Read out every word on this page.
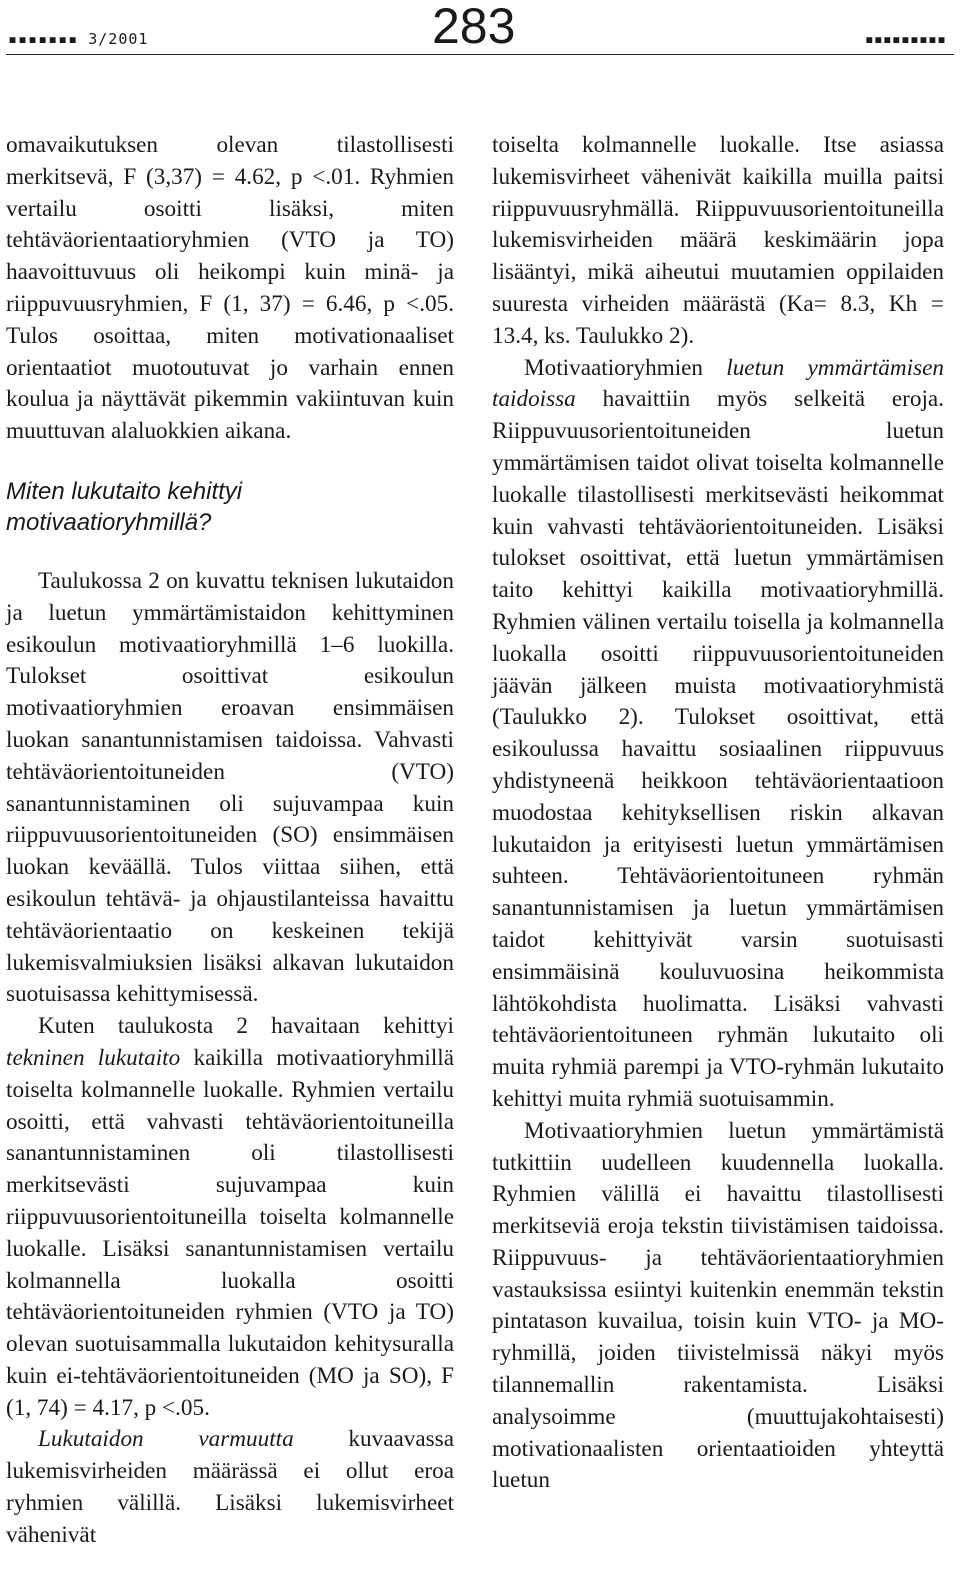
▪▪▪▪▪▪▪ 3/2001	283	▪▪▪▪▪▪▪▪▪

omavaikutuksen olevan tilastollisesti merkitsevä, F (3,37) = 4.62, p <.01. Ryhmien vertailu osoitti lisäksi, miten tehtäväorientaatioryhmien (VTO ja TO) haavoittuvuus oli heikompi kuin minä- ja riippuvuusryhmien, F (1, 37) = 6.46, p <.05. Tulos osoittaa, miten motivationaaliset orientaatiot muotoutuvat jo varhain ennen koulua ja näyttävät pikemmin vakiintuvan kuin muuttuvan alaluokkien aikana.

Miten lukutaito kehittyi motivaatioryhmillä?

Taulukossa 2 on kuvattu teknisen lukutaidon ja luetun ymmärtämistaidon kehittyminen esikoulun motivaatioryhmillä 1–6 luokilla. Tulokset osoittivat esikoulun motivaatioryhmien eroavan ensimmäisen luokan sanantunnistamisen taidoissa. Vahvasti tehtäväorientoituneiden (VTO) sanantunnistaminen oli sujuvampaa kuin riippuvuusorientoituneiden (SO) ensimmäisen luokan keväällä. Tulos viittaa siihen, että esikoulun tehtävä- ja ohjaustilanteissa havaittu tehtäväorientaatio on keskeinen tekijä lukemisvalmiuksien lisäksi alkavan lukutaidon suotuisassa kehittymisessä.

Kuten taulukosta 2 havaitaan kehittyi tekninen lukutaito kaikilla motivaatioryhmillä toiselta kolmannelle luokalle. Ryhmien vertailu osoitti, että vahvasti tehtäväorientoituneilla sanantunnistaminen oli tilastollisesti merkitsevästi sujuvampaa kuin riippuvuusorientoituneilla toiselta kolmannelle luokalle. Lisäksi sanantunnistamisen vertailu kolmannella luokalla osoitti tehtäväorientoituneiden ryhmien (VTO ja TO) olevan suotuisammalla lukutaidon kehitysuralla kuin ei-tehtäväorientoituneiden (MO ja SO), F (1, 74) = 4.17, p <.05.

Lukutaidon varmuutta kuvaavassa lukemisvirheiden määrässä ei ollut eroa ryhmien välillä. Lisäksi lukemisvirheet vähenivät

toiselta kolmannelle luokalle. Itse asiassa lukemisvirheet vähenivät kaikilla muilla paitsi riippuvuusryhmällä. Riippuvuusorientoituneilla lukemisvirheiden määrä keskimäärin jopa lisääntyi, mikä aiheutui muutamien oppilaiden suuresta virheiden määrästä (Ka= 8.3, Kh = 13.4, ks. Taulukko 2).

Motivaatioryhmien luetun ymmärtämisen taidoissa havaittiin myös selkeitä eroja. Riippuvuusorientoituneiden luetun ymmärtämisen taidot olivat toiselta kolmannelle luokalle tilastollisesti merkitsevästi heikommat kuin vahvasti tehtäväorientoituneiden. Lisäksi tulokset osoittivat, että luetun ymmärtämisen taito kehittyi kaikilla motivaatioryhmillä. Ryhmien välinen vertailu toisella ja kolmannella luokalla osoitti riippuvuusorientoituneiden jäävän jälkeen muista motivaatioryhmistä (Taulukko 2). Tulokset osoittivat, että esikoulussa havaittu sosiaalinen riippuvuus yhdistyneenä heikkoon tehtäväorientaatioon muodostaa kehityksellisen riskin alkavan lukutaidon ja erityisesti luetun ymmärtämisen suhteen. Tehtäväorientoituneen ryhmän sanantunnistamisen ja luetun ymmärtämisen taidot kehittyivät varsin suotuisasti ensimmäisinä kouluvuosina heikommista lähtökohdista huolimatta. Lisäksi vahvasti tehtäväorientoituneen ryhmän lukutaito oli muita ryhmiä parempi ja VTO-ryhmän lukutaito kehittyi muita ryhmiä suotuisammin.

Motivaatioryhmien luetun ymmärtämistä tutkittiin uudelleen kuudennella luokalla. Ryhmien välillä ei havaittu tilastollisesti merkitseviä eroja tekstin tiivistämisen taidoissa. Riippuvuus- ja tehtäväorientaatioryhmien vastauksissa esiintyi kuitenkin enemmän tekstin pintatason kuvailua, toisin kuin VTO- ja MO-ryhmillä, joiden tiivistelmissä näkyi myös tilannemallin rakentamista. Lisäksi analysoimme (muuttujakohtaisesti) motivationaalisten orientaatioiden yhteyttä luetun
